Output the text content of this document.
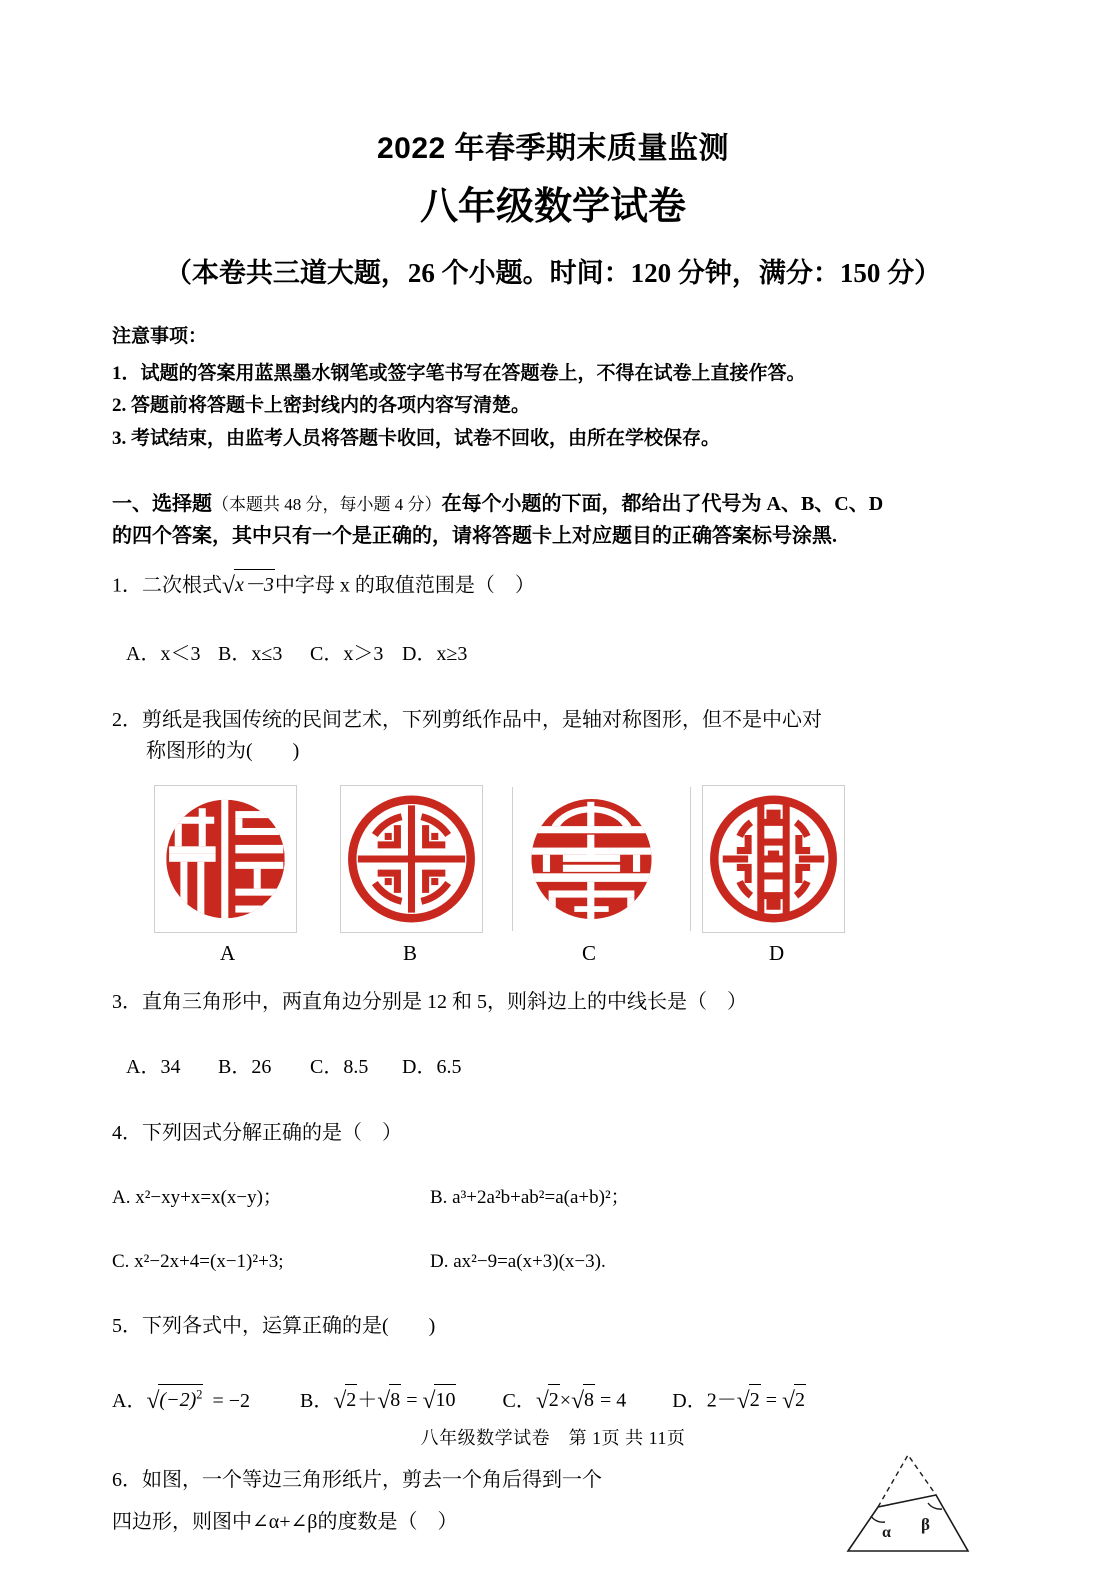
2022 年春季期末质量监测
八年级数学试卷

（本卷共三道大题，26 个小题。时间：120 分钟，满分：150 分）

注意事项：

1．试题的答案用蓝黑墨水钢笔或签字笔书写在答题卷上，不得在试卷上直接作答。

2. 答题前将答题卡上密封线内的各项内容写清楚。

3. 考试结束，由监考人员将答题卡收回，试卷不回收，由所在学校保存。

一、选择题（本题共 48 分，每小题 4 分）在每个小题的下面，都给出了代号为 A、B、C、D
的四个答案，其中只有一个是正确的，请将答题卡上对应题目的正确答案标号涂黑.

1．二次根式√x－3中字母 x 的取值范围是（　）

A．x＜3 B．x≤3 C．x＞3 D．x≥3

2．剪纸是我国传统的民间艺术，下列剪纸作品中，是轴对称图形，但不是中心对

称图形的为(　　)

A	B	C	D

3．直角三角形中，两直角边分别是 12 和 5，则斜边上的中线长是（　）

A．34 B．26 C．8.5 D．6.5

4．下列因式分解正确的是（　）

A. x²−xy+x=x(x−y)；	B. a³+2a²b+ab²=a(a+b)²；

C. x²−2x+4=(x−1)²+3;	D. ax²−9=a(x+3)(x−3).

5．下列各式中，运算正确的是(　　)

A．$√(-2)^2 = -2$	B．√2＋√8 = √10 C．√2×√8 = 4 D．2－√2 = √2

6．如图，一个等边三角形纸片，剪去一个角后得到一个

四边形，则图中∠α+∠β的度数是（　）	α β
八年级数学试卷　第 1页 共 11页
